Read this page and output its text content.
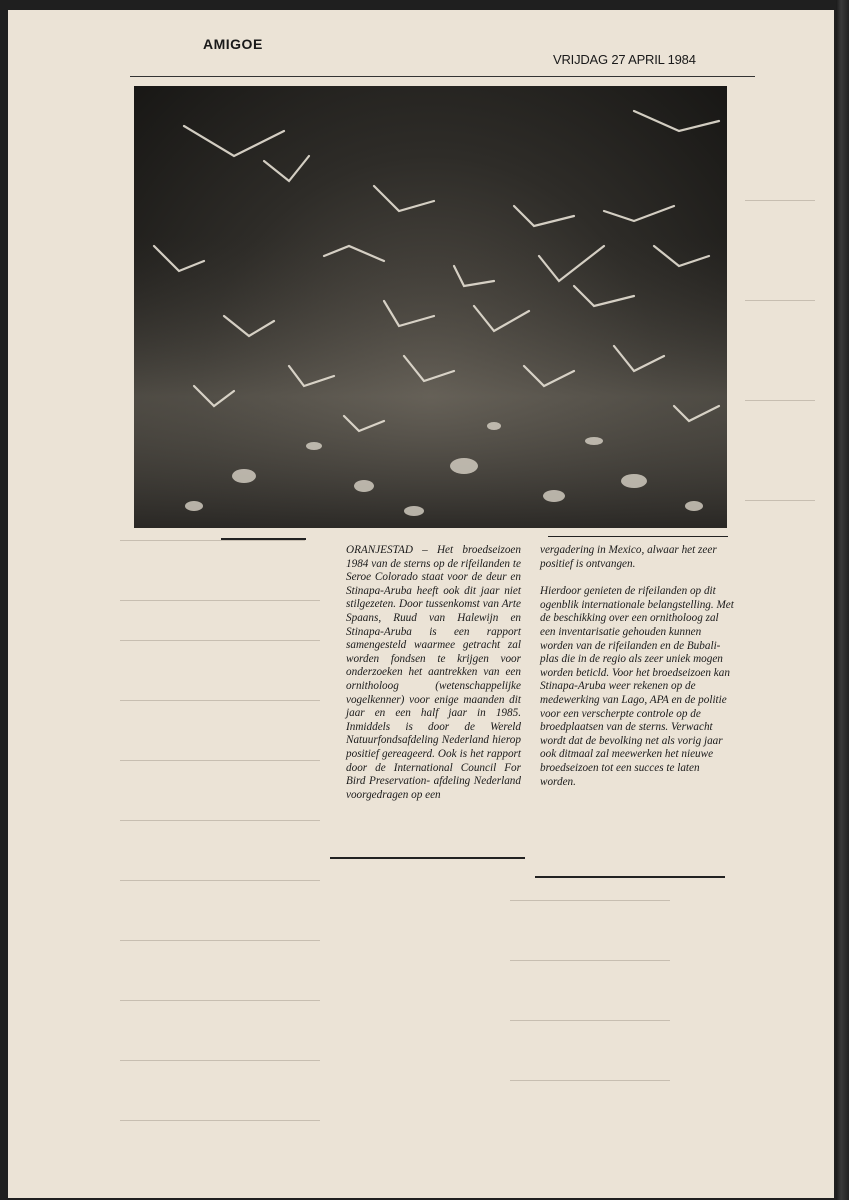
AMIGOE
VRIJDAG 27 APRIL 1984

ORANJESTAD – Het broedseizoen 1984 van de sterns op de rifeilanden te Seroe Colorado staat voor de deur en Stinapa-Aruba heeft ook dit jaar niet stilgezeten. Door tussenkomst van Arte Spaans, Ruud van Halewijn en Stinapa-Aruba is een rapport samengesteld waarmee getracht zal worden fondsen te krijgen voor onderzoeken het aantrekken van een ornitholoog (wetenschappelijke vogelkenner) voor enige maanden dit jaar en een half jaar in 1985. Inmiddels is door de Wereld Natuurfondsafdeling Nederland hierop positief gereageerd. Ook is het rapport door de International Council For Bird Preservation- afdeling Nederland voorgedragen op een

vergadering in Mexico, alwaar het zeer positief is ontvangen.

Hierdoor genieten de rifeilanden op dit ogenblik internationale belangstelling. Met de beschikking over een ornitholoog zal een inventarisatie gehouden kunnen worden van de rifeilanden en de Bubali-plas die in de regio als zeer uniek mogen worden beticld. Voor het broedseizoen kan Stinapa-Aruba weer rekenen op de medewerking van Lago, APA en de politie voor een verscherpte controle op de broedplaatsen van de sterns. Verwacht wordt dat de bevolking net als vorig jaar ook ditmaal zal meewerken het nieuwe broedseizoen tot een succes te laten worden.
